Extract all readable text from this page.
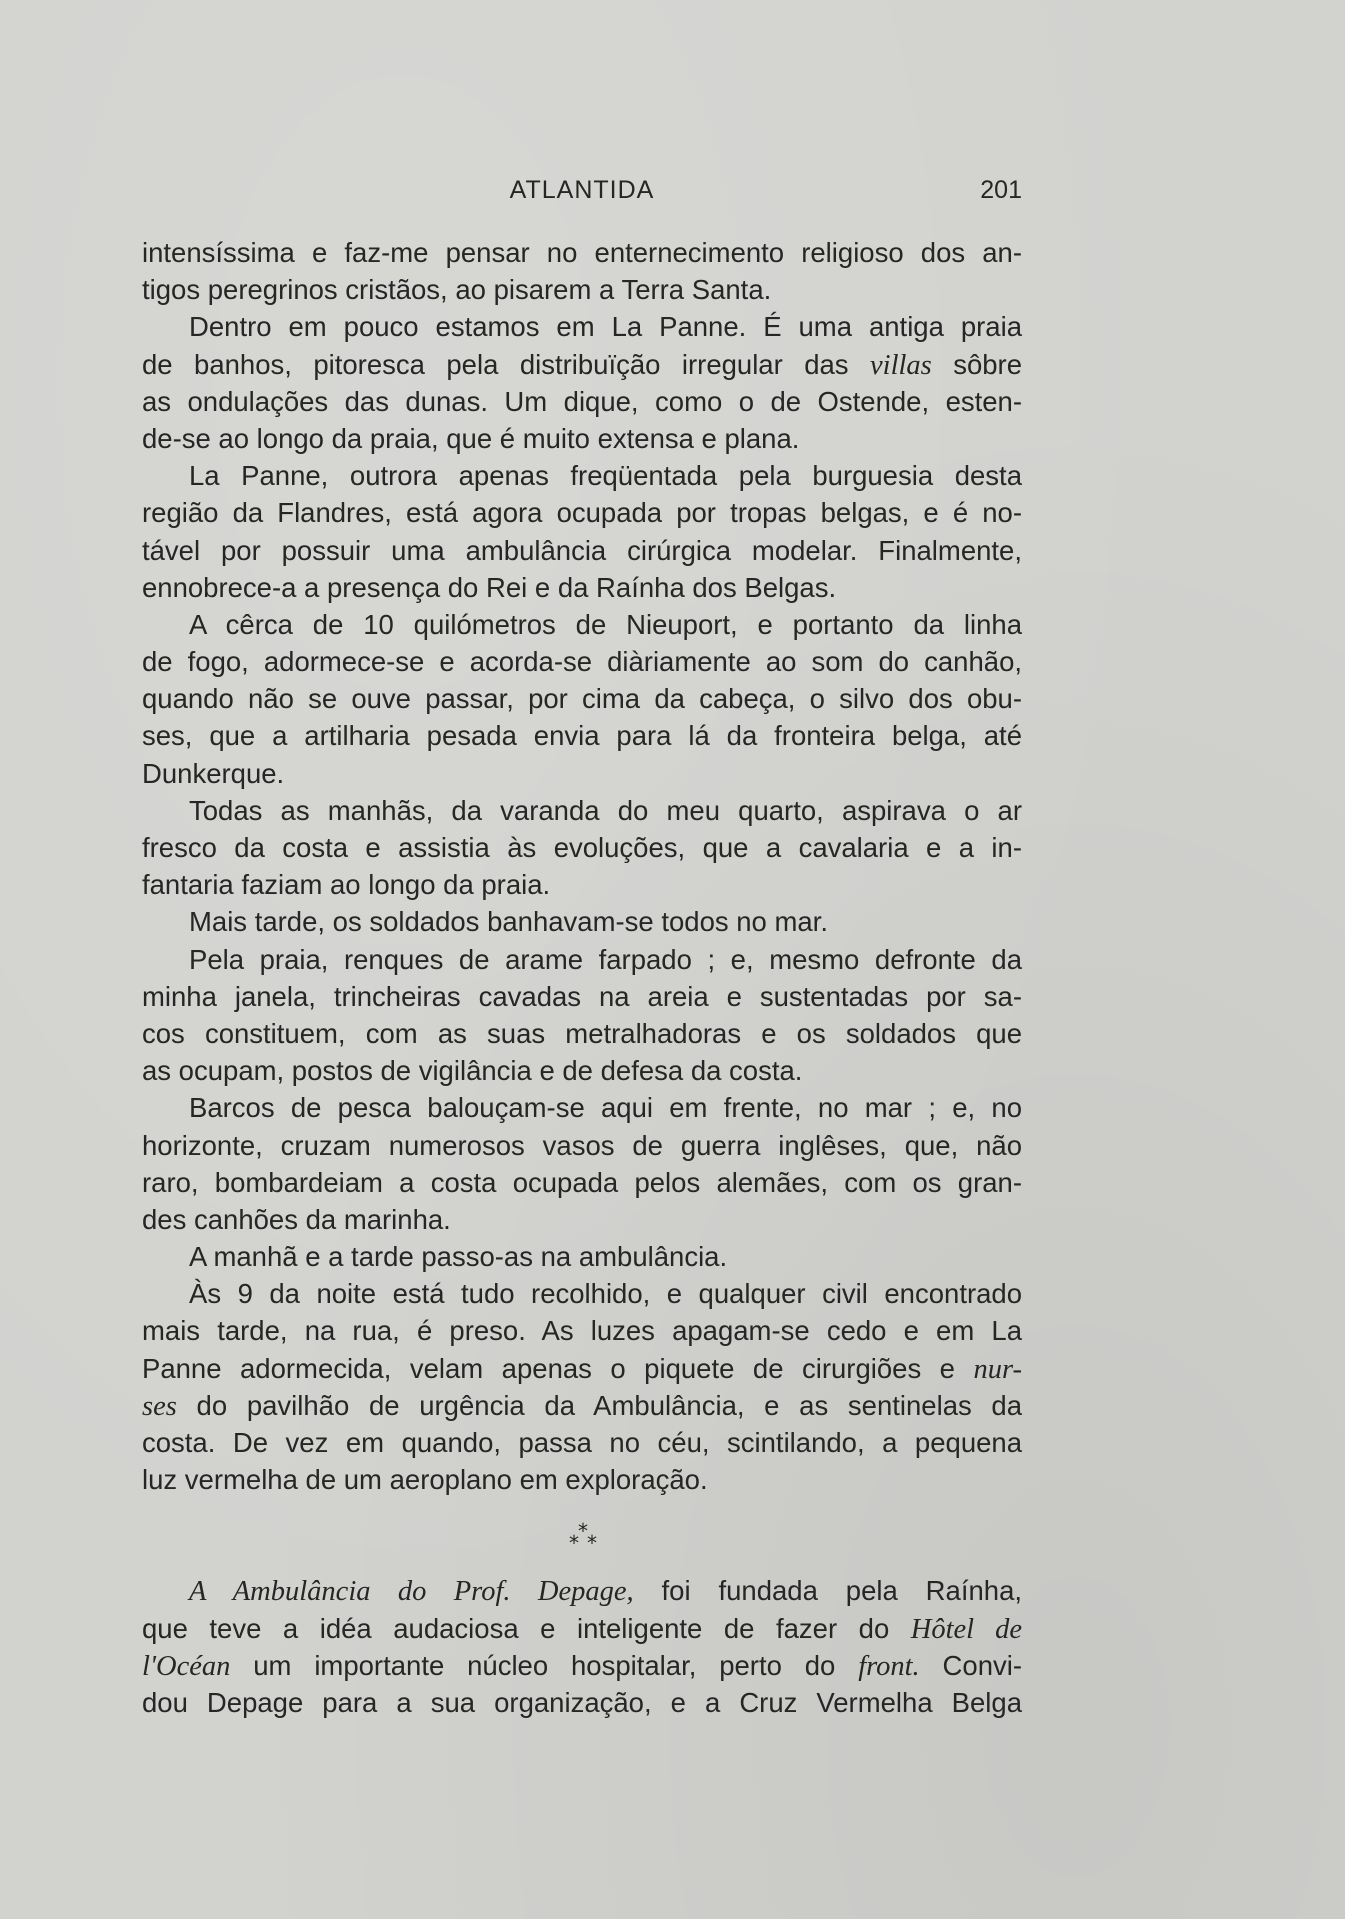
ATLANTIDA	201
intensíssima e faz-me pensar no enternecimento religioso dos an-
tigos peregrinos cristãos, ao pisarem a Terra Santa.
Dentro em pouco estamos em La Panne. É uma antiga praia
de banhos, pitoresca pela distribuïção irregular das villas sôbre
as ondulações das dunas. Um dique, como o de Ostende, esten-
de-se ao longo da praia, que é muito extensa e plana.
La Panne, outrora apenas freqüentada pela burguesia desta
região da Flandres, está agora ocupada por tropas belgas, e é no-
tável por possuir uma ambulância cirúrgica modelar. Finalmente,
ennobrece-a a presença do Rei e da Raínha dos Belgas.
A cêrca de 10 quilómetros de Nieuport, e portanto da linha
de fogo, adormece-se e acorda-se diàriamente ao som do canhão,
quando não se ouve passar, por cima da cabeça, o silvo dos obu-
ses, que a artilharia pesada envia para lá da fronteira belga, até
Dunkerque.
Todas as manhãs, da varanda do meu quarto, aspirava o ar
fresco da costa e assistia às evoluções, que a cavalaria e a in-
fantaria faziam ao longo da praia.
Mais tarde, os soldados banhavam-se todos no mar.
Pela praia, renques de arame farpado ; e, mesmo defronte da
minha janela, trincheiras cavadas na areia e sustentadas por sa-
cos constituem, com as suas metralhadoras e os soldados que
as ocupam, postos de vigilância e de defesa da costa.
Barcos de pesca balouçam-se aqui em frente, no mar ; e, no
horizonte, cruzam numerosos vasos de guerra inglêses, que, não
raro, bombardeiam a costa ocupada pelos alemães, com os gran-
des canhões da marinha.
A manhã e a tarde passo-as na ambulância.
Às 9 da noite está tudo recolhido, e qualquer civil encontrado
mais tarde, na rua, é preso. As luzes apagam-se cedo e em La
Panne adormecida, velam apenas o piquete de cirurgiões e nur-
ses do pavilhão de urgência da Ambulância, e as sentinelas da
costa. De vez em quando, passa no céu, scintilando, a pequena
luz vermelha de um aeroplano em exploração.
*
* *
A Ambulância do Prof. Depage, foi fundada pela Raínha,
que teve a idéa audaciosa e inteligente de fazer do Hôtel de
l'Océan um importante núcleo hospitalar, perto do front. Convi-
dou Depage para a sua organização, e a Cruz Vermelha Belga
